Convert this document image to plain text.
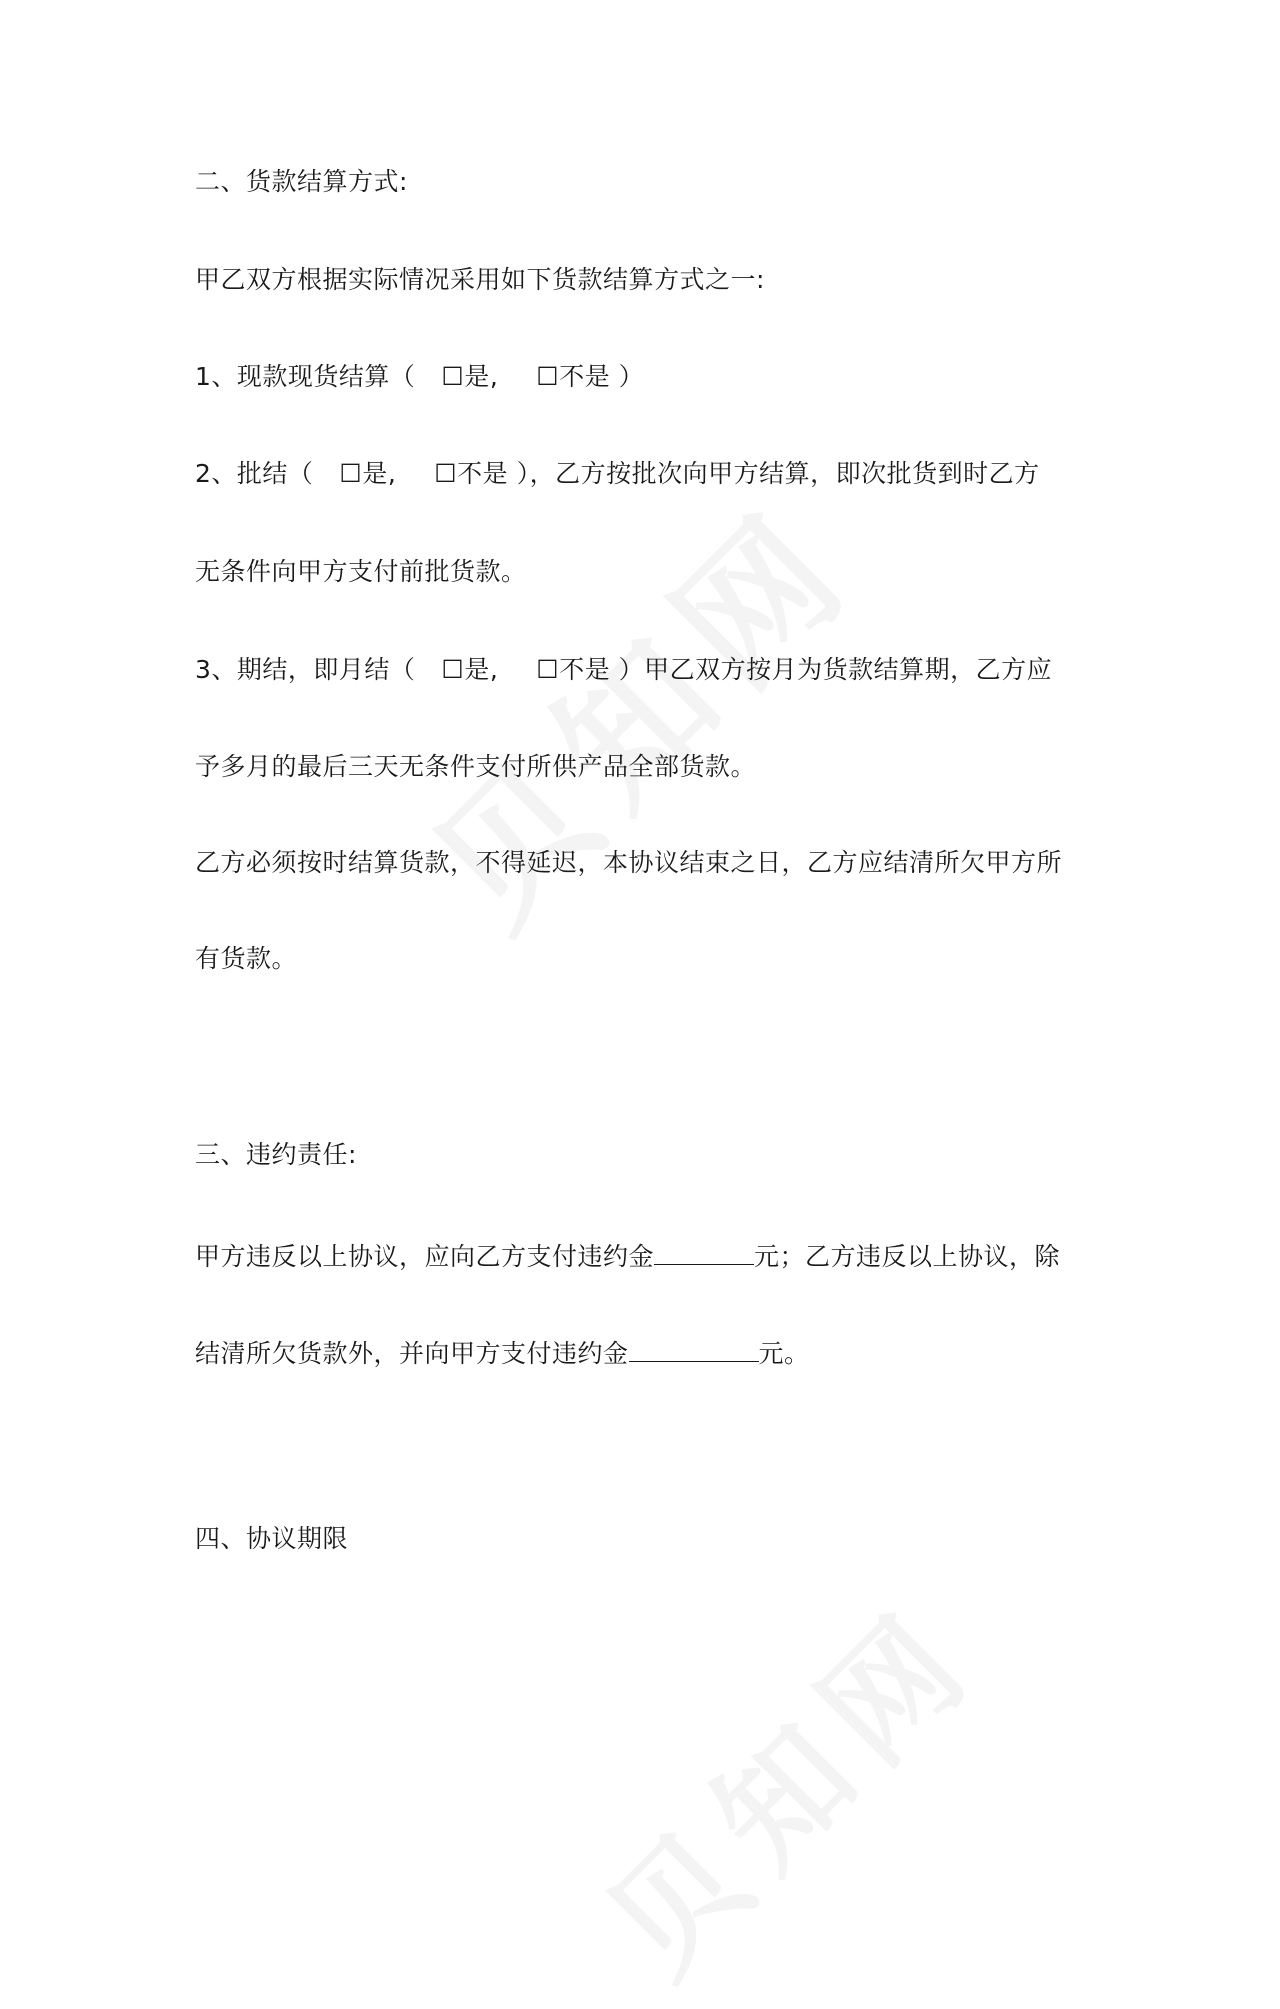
二、货款结算方式:
甲乙双方根据实际情况采用如下货款结算方式之一:
1、现款现货结算（ ☐是, ☐不是 ）
2、批结（ ☐是, ☐不是 ），乙方按批次向甲方结算，即次批货到时乙方
无条件向甲方支付前批货款。
3、期结，即月结（ ☐是, ☐不是 ）甲乙双方按月为货款结算期，乙方应
予多月的最后三天无条件支付所供产品全部货款。
乙方必须按时结算货款，不得延迟，本协议结束之日，乙方应结清所欠甲方所
有货款。
三、违约责任:
甲方违反以上协议，应向乙方支付违约金	元；乙方违反以上协议，除
结清所欠货款外，并向甲方支付违约金	元。
四、协议期限
